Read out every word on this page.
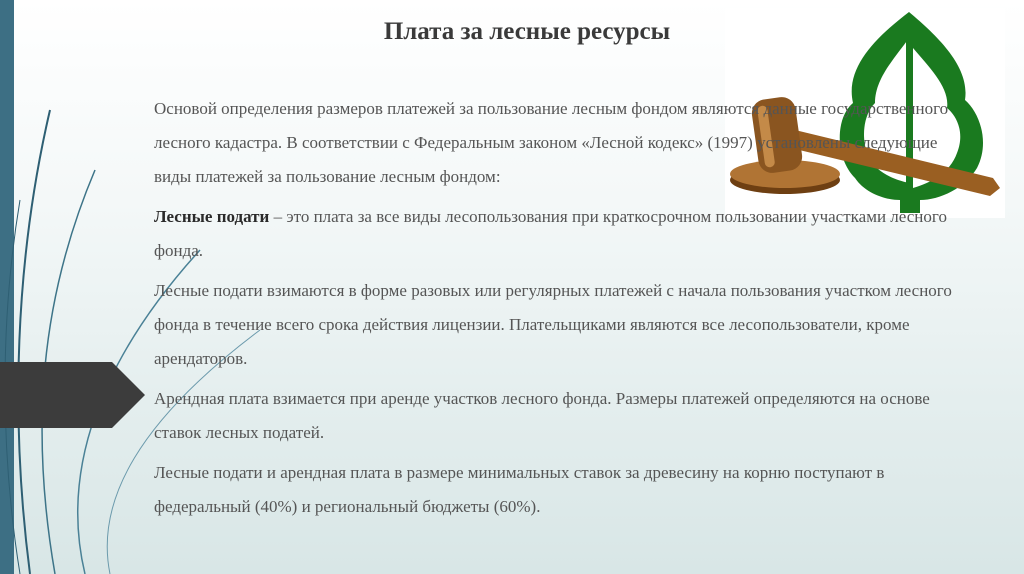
Плата за лесные ресурсы

Основой определения размеров платежей за пользование лесным фондом являются данные государственного лесного кадастра. В соответствии с Федеральным законом «Лесной кодекс» (1997) установлены следующие виды платежей за пользование лесным фондом:

Лесные подати – это плата за все виды лесопользования при краткосрочном пользовании участками лесного фонда.

Лесные подати взимаются в форме разовых или регулярных платежей с начала пользования участком лесного фонда в течение всего срока действия лицензии. Плательщиками являются все лесопользователи, кроме арендаторов.

Арендная плата взимается при аренде участков лесного фонда. Размеры платежей определяются на основе ставок лесных податей.

Лесные подати и арендная плата в размере минимальных ставок за древесину на корню поступают в федеральный (40%) и региональный бюджеты (60%).
